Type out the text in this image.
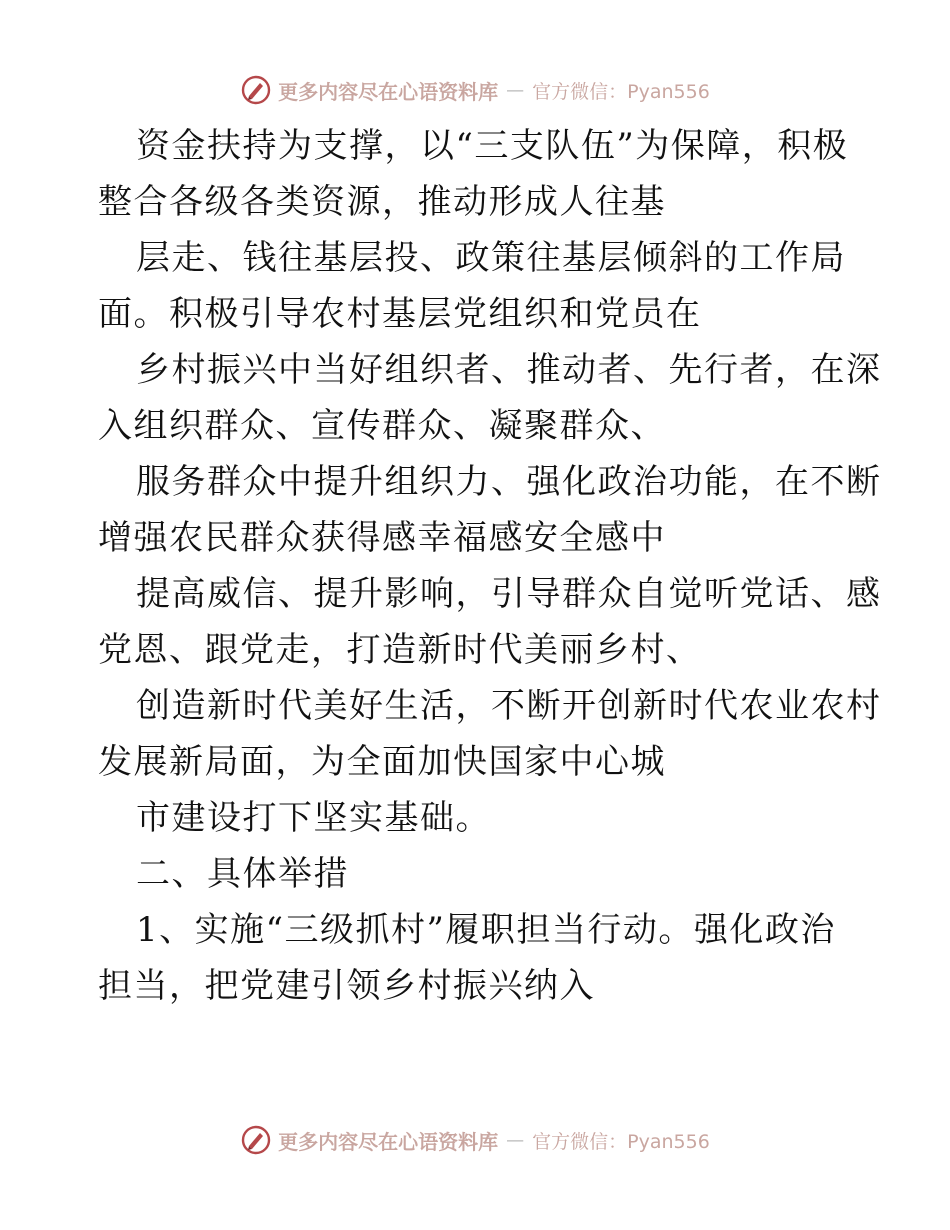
更多内容尽在心语资料库 — 官方微信：Pyan556
资金扶持为支撑，以“三支队伍”为保障，积极
整合各级各类资源，推动形成人往基
层走、钱往基层投、政策往基层倾斜的工作局
面。积极引导农村基层党组织和党员在
乡村振兴中当好组织者、推动者、先行者，在深
入组织群众、宣传群众、凝聚群众、
服务群众中提升组织力、强化政治功能，在不断
增强农民群众获得感幸福感安全感中
提高威信、提升影响，引导群众自觉听党话、感
党恩、跟党走，打造新时代美丽乡村、
创造新时代美好生活，不断开创新时代农业农村
发展新局面，为全面加快国家中心城
市建设打下坚实基础。
二、具体举措
1、实施“三级抓村”履职担当行动。强化政治
担当，把党建引领乡村振兴纳入
更多内容尽在心语资料库 — 官方微信：Pyan556
